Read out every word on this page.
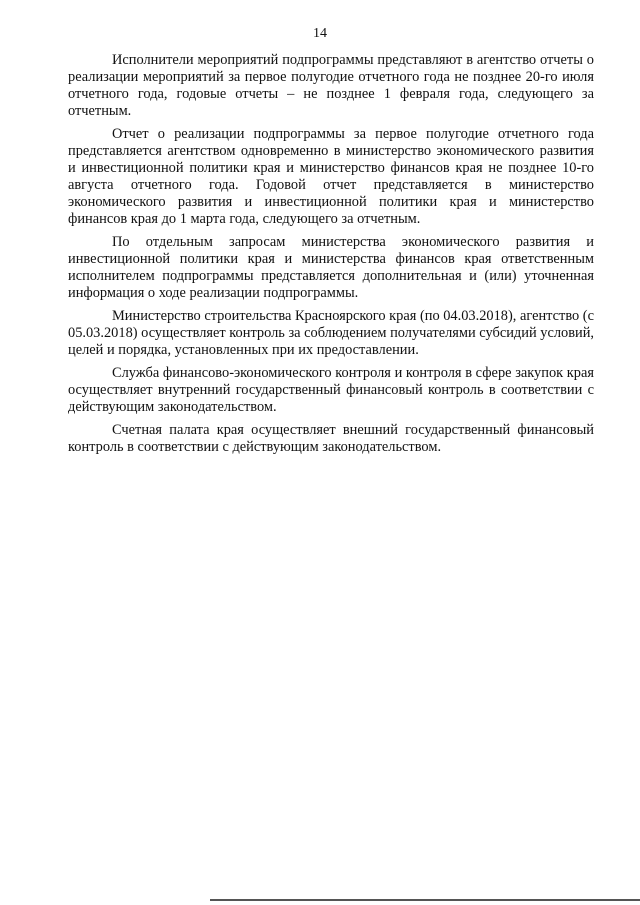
14

Исполнители мероприятий подпрограммы представляют в агентство отчеты о реализации мероприятий за первое полугодие отчетного года не позднее 20-го июля отчетного года, годовые отчеты – не позднее 1 февраля года, следующего за отчетным.

Отчет о реализации подпрограммы за первое полугодие отчетного года представляется агентством одновременно в министерство экономического развития и инвестиционной политики края и министерство финансов края не позднее 10-го августа отчетного года. Годовой отчет представляется в министерство экономического развития и инвестиционной политики края и министерство финансов края до 1 марта года, следующего за отчетным.

По отдельным запросам министерства экономического развития и инвестиционной политики края и министерства финансов края ответственным исполнителем подпрограммы представляется дополнительная и (или) уточненная информация о ходе реализации подпрограммы.

Министерство строительства Красноярского края (по 04.03.2018), агентство (с 05.03.2018) осуществляет контроль за соблюдением получателями субсидий условий, целей и порядка, установленных при их предоставлении.

Служба финансово-экономического контроля и контроля в сфере закупок края осуществляет внутренний государственный финансовый контроль в соответствии с действующим законодательством.

Счетная палата края осуществляет внешний государственный финансовый контроль в соответствии с действующим законодательством.
